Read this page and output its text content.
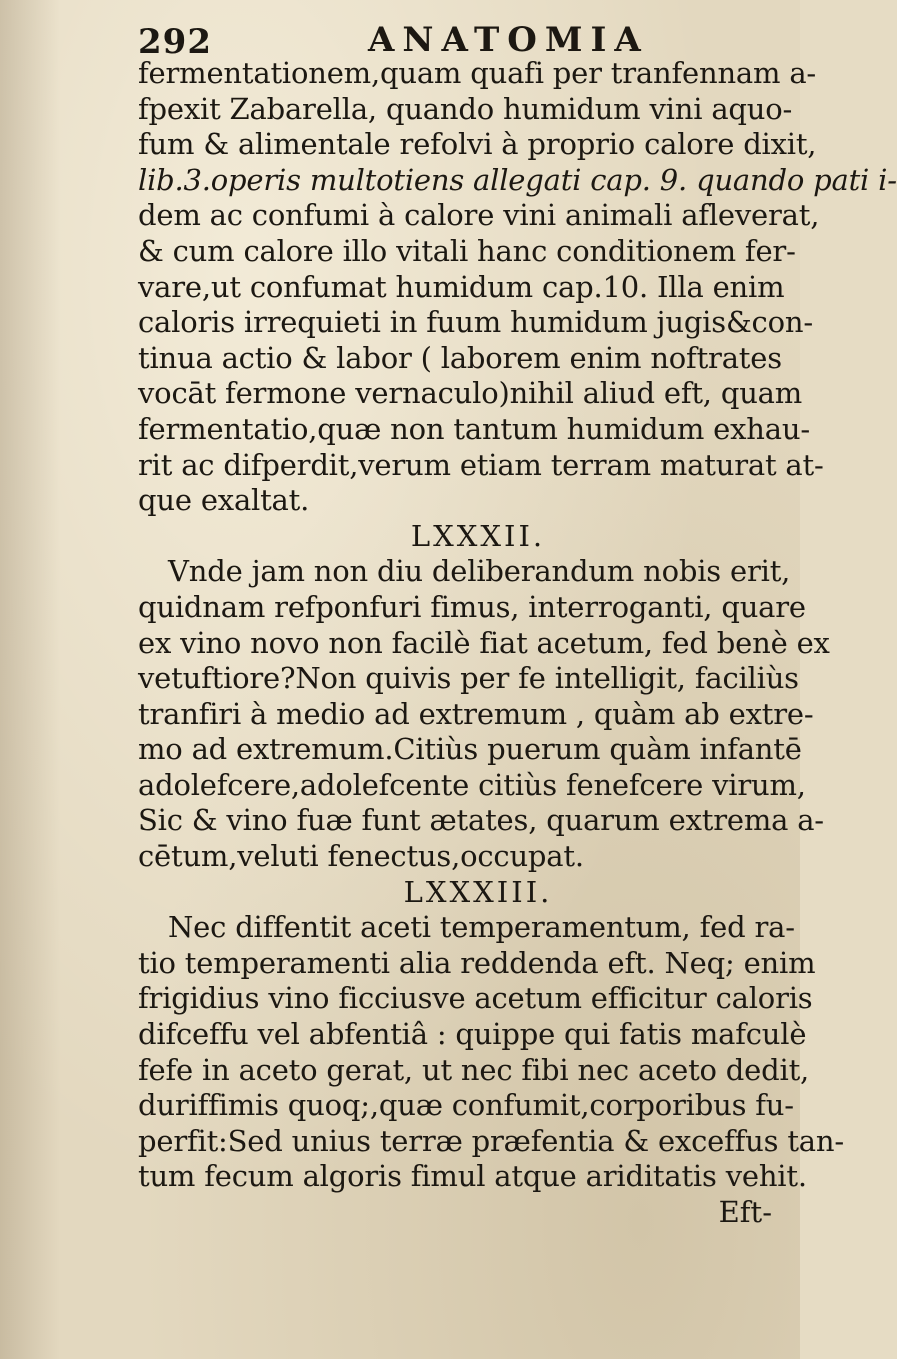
292	ANATOMIA
fermentationem,quam quafi per tranfennam a-
fpexit Zabarella, quando humidum vini aquo-
fum & alimentale refolvi à proprio calore dixit,
lib.3.operis multotiens allegati cap. 9. quando pati i-
dem ac confumi à calore vini animali afleverat,
& cum calore illo vitali hanc conditionem fer-
vare,ut confumat humidum cap.10. Illa enim
caloris irrequieti in fuum humidum jugis&con-
tinua actio & labor ( laborem enim noftrates
vocāt fermone vernaculo)nihil aliud eft, quam
fermentatio,quæ non tantum humidum exhau-
rit ac difperdit,verum etiam terram maturat at-
que exaltat.
LXXXII.
Vnde jam non diu deliberandum nobis erit,
quidnam refponfuri fimus, interroganti, quare
ex vino novo non facilè fiat acetum, fed benè ex
vetuftiore?Non quivis per fe intelligit, faciliùs
tranfiri à medio ad extremum , quàm ab extre-
mo ad extremum.Citiùs puerum quàm infantē
adolefcere,adolefcente citiùs fenefcere virum,
Sic & vino fuæ funt ætates, quarum extrema a-
cētum,veluti fenectus,occupat.
LXXXIII.
Nec diffentit aceti temperamentum, fed ra-
tio temperamenti alia reddenda eft. Neq; enim
frigidius vino ficciusve acetum efficitur caloris
difceffu vel abfentiâ : quippe qui fatis mafculè
fefe in aceto gerat, ut nec fibi nec aceto dedit,
duriffimis quoq;,quæ confumit,corporibus fu-
perfit:Sed unius terræ præfentia & exceffus tan-
tum fecum algoris fimul atque ariditatis vehit.
Eft-
